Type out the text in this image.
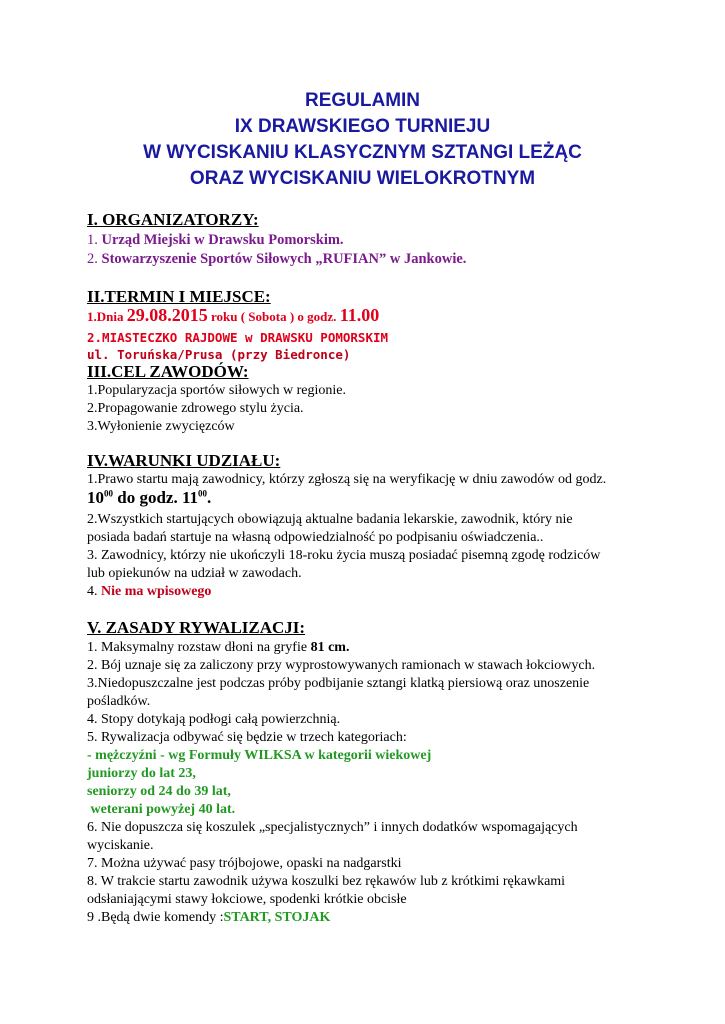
REGULAMIN
IX DRAWSKIEGO TURNIEJU
W WYCISKANIU KLASYCZNYM SZTANGI LEŻĄC
ORAZ WYCISKANIU WIELOKROTNYM
I. ORGANIZATORZY:
1. Urząd Miejski w Drawsku Pomorskim.
2. Stowarzyszenie Sportów Siłowych „RUFIAN” w Jankowie.
II.TERMIN I MIEJSCE:
1.Dnia 29.08.2015 roku ( Sobota ) o godz. 11.00
2.MIASTECZKO RAJDOWE w DRAWSKU POMORSKIM
ul. Toruńska/Prusa (przy Biedronce)
III.CEL ZAWODÓW:
1.Popularyzacja sportów siłowych w regionie.
2.Propagowanie zdrowego stylu życia.
3.Wyłonienie zwycięzców
IV.WARUNKI UDZIAŁU:
1.Prawo startu mają zawodnicy, którzy zgłoszą się na weryfikację w dniu zawodów od godz.
$10^{00}$ do godz. $11^{00}$.
2.Wszystkich startujących obowiązują aktualne badania lekarskie, zawodnik, który nie
posiada badań startuje na własną odpowiedzialność po podpisaniu oświadczenia..
3. Zawodnicy, którzy nie ukończyli 18-roku życia muszą posiadać pisemną zgodę rodziców
lub opiekunów na udział w zawodach.
4. Nie ma wpisowego
V. ZASADY RYWALIZACJI:
1. Maksymalny rozstaw dłoni na gryfie 81 cm.
2. Bój uznaje się za zaliczony przy wyprostowywanych ramionach w stawach łokciowych.
3.Niedopuszczalne jest podczas próby podbijanie sztangi klatką piersiową oraz unoszenie
pośladków.
4. Stopy dotykają podłogi całą powierzchnią.
5. Rywalizacja odbywać się będzie w trzech kategoriach:
- mężczyźni - wg Formuły WILKSA w kategorii wiekowej
juniorzy do lat 23,
seniorzy od 24 do 39 lat,
weterani powyżej 40 lat.
6. Nie dopuszcza się koszulek „specjalistycznych” i innych dodatków wspomagających
wyciskanie.
7. Można używać pasy trójbojowe, opaski na nadgarstki
8. W trakcie startu zawodnik używa koszulki bez rękawów lub z krótkimi rękawkami
odsłaniającymi stawy łokciowe, spodenki krótkie obcisłe
9 .Będą dwie komendy :START, STOJAK
